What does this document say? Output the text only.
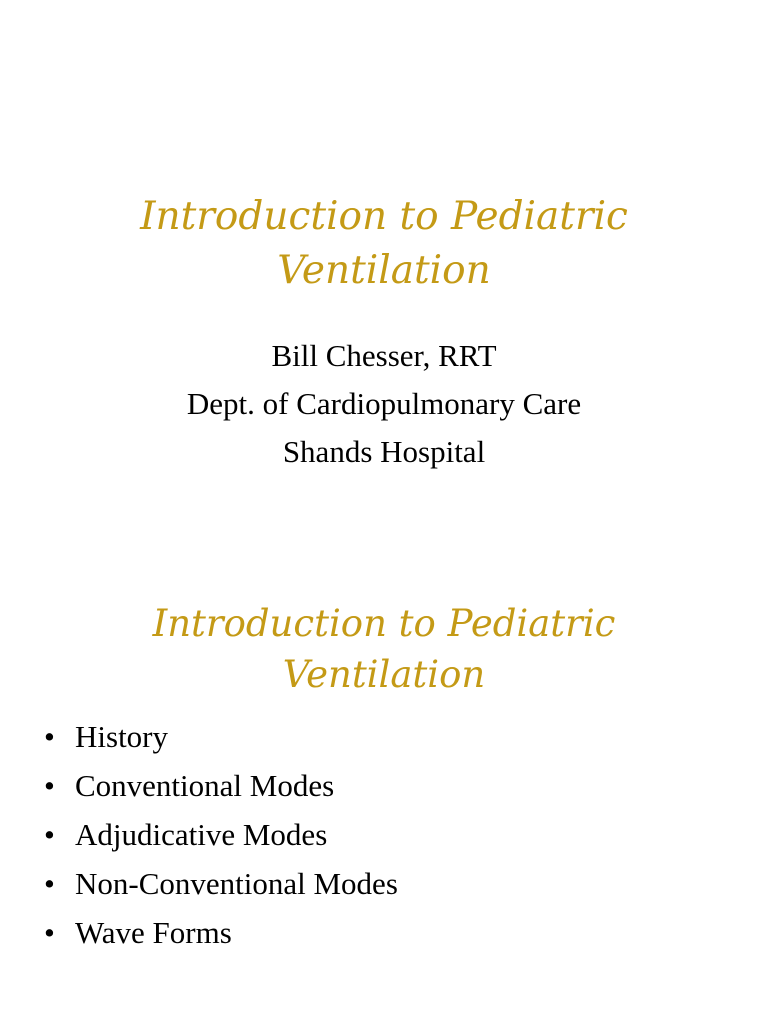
Introduction to Pediatric
Ventilation
Bill Chesser, RRT
Dept. of Cardiopulmonary Care
Shands Hospital
Introduction to Pediatric
Ventilation
• History
• Conventional Modes
• Adjudicative Modes
• Non-Conventional Modes
• Wave Forms
